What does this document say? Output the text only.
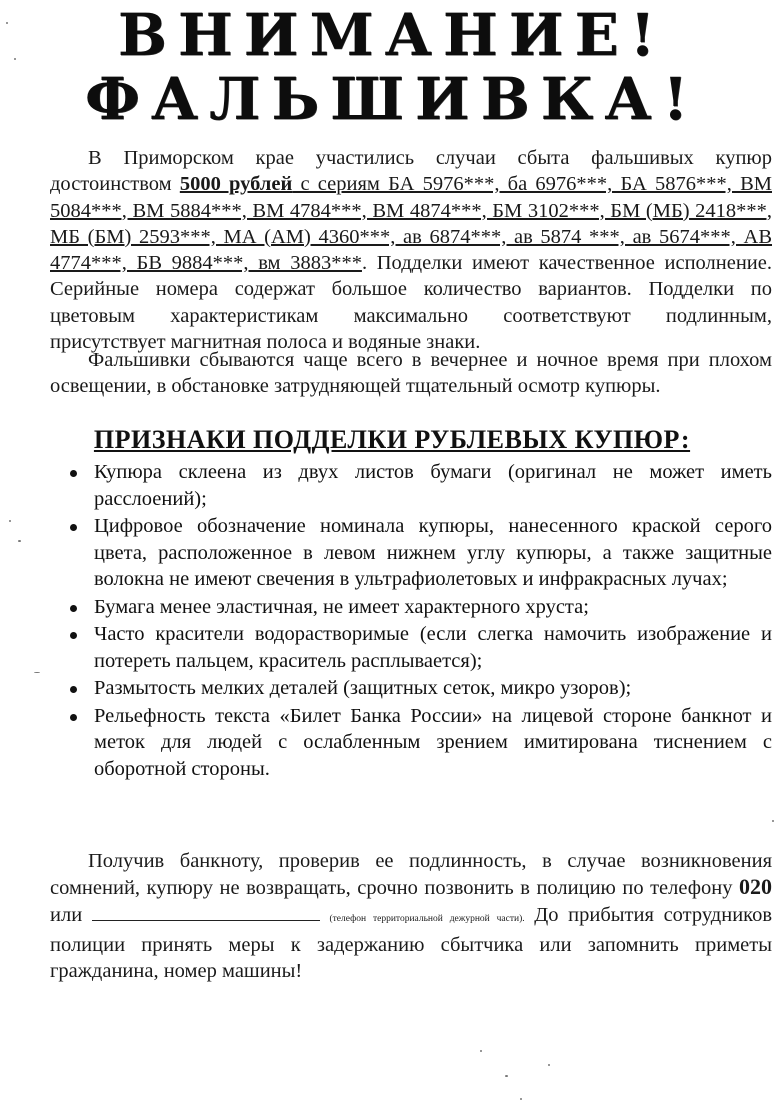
ВНИМАНИЕ!
ФАЛЬШИВКА!
В Приморском крае участились случаи сбыта фальшивых купюр достоинством 5000 рублей с сериям БА 5976***, ба 6976***, БА 5876***, ВМ 5084***, ВМ 5884***, ВМ 4784***, ВМ 4874***, БМ 3102***, БМ (МБ) 2418***, МБ (БМ) 2593***, МА (АМ) 4360***, ав 6874***, ав 5874 ***, ав 5674***, АВ 4774***, БВ 9884***, вм 3883***. Подделки имеют качественное исполнение. Серийные номера содержат большое количество вариантов. Подделки по цветовым характеристикам максимально соответствуют подлинным, присутствует магнитная полоса и водяные знаки.
Фальшивки сбываются чаще всего в вечернее и ночное время при плохом освещении, в обстановке затрудняющей тщательный осмотр купюры.
ПРИЗНАКИ ПОДДЕЛКИ РУБЛЕВЫХ КУПЮР:
Купюра склеена из двух листов бумаги (оригинал не может иметь расслоений);
Цифровое обозначение номинала купюры, нанесенного краской серого цвета, расположенное в левом нижнем углу купюры, а также защитные волокна не имеют свечения в ультрафиолетовых и инфракрасных лучах;
Бумага менее эластичная, не имеет характерного хруста;
Часто красители водорастворимые (если слегка намочить изображение и потереть пальцем, краситель расплывается);
Размытость мелких деталей (защитных сеток, микро узоров);
Рельефность текста «Билет Банка России» на лицевой стороне банкнот и меток для людей с ослабленным зрением имитирована тиснением с оборотной стороны.
Получив банкноту, проверив ее подлинность, в случае возникновения сомнений, купюру не возвращать, срочно позвонить в полицию по телефону 020 или	(телефон территориальной дежурной части). До прибытия сотрудников полиции принять меры к задержанию сбытчика или запомнить приметы гражданина, номер машины!
